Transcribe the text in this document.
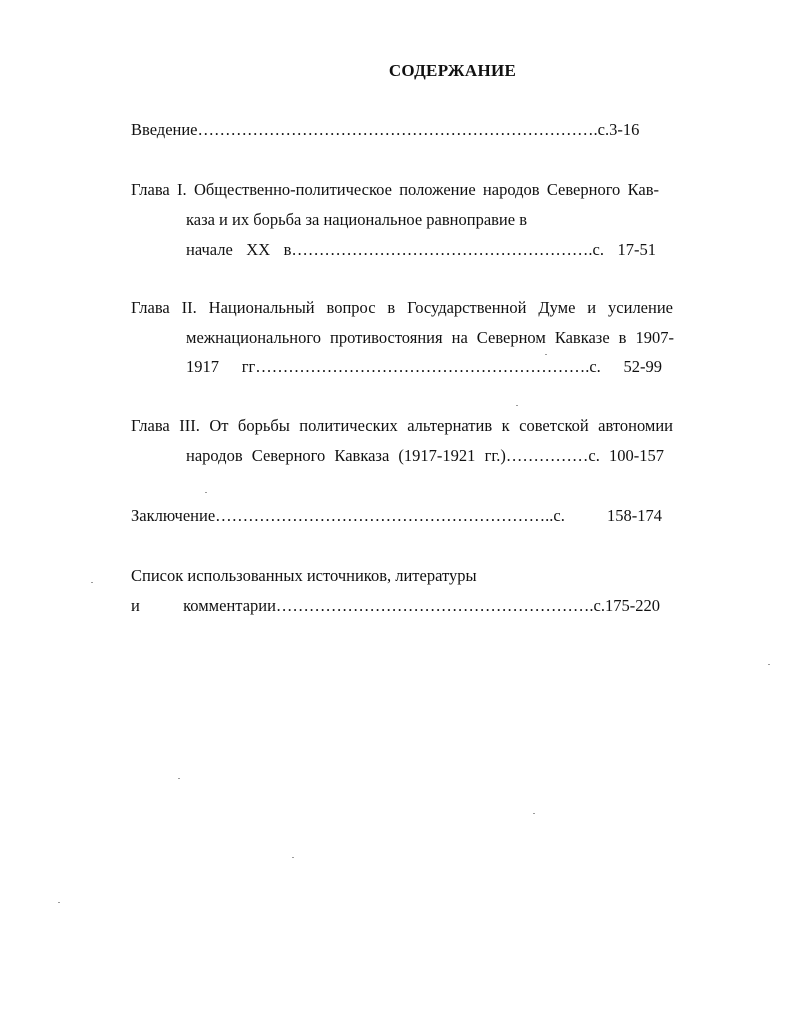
СОДЕРЖАНИЕ
Введение……………………………………………………………….с.3-16
Глава I. Общественно-политическое положение народов Северного Кав-
каза и их борьба за национальное равноправие в
начале XX в……………………………………………….c. 17-51
Глава II. Национальный вопрос в Государственной Думе и усиление
межнационального противостояния на Северном Кавказе в 1907-
1917 гг…………………………………………………….с. 52-99
Глава III. От борьбы политических альтернатив к советской автономии
народов Северного Кавказа (1917-1921 гг.)……………с. 100-157
Заключение……………………………………………………..с. 158-174
Список использованных источников, литературы
и комментарии………………………………………………….с.175-220
